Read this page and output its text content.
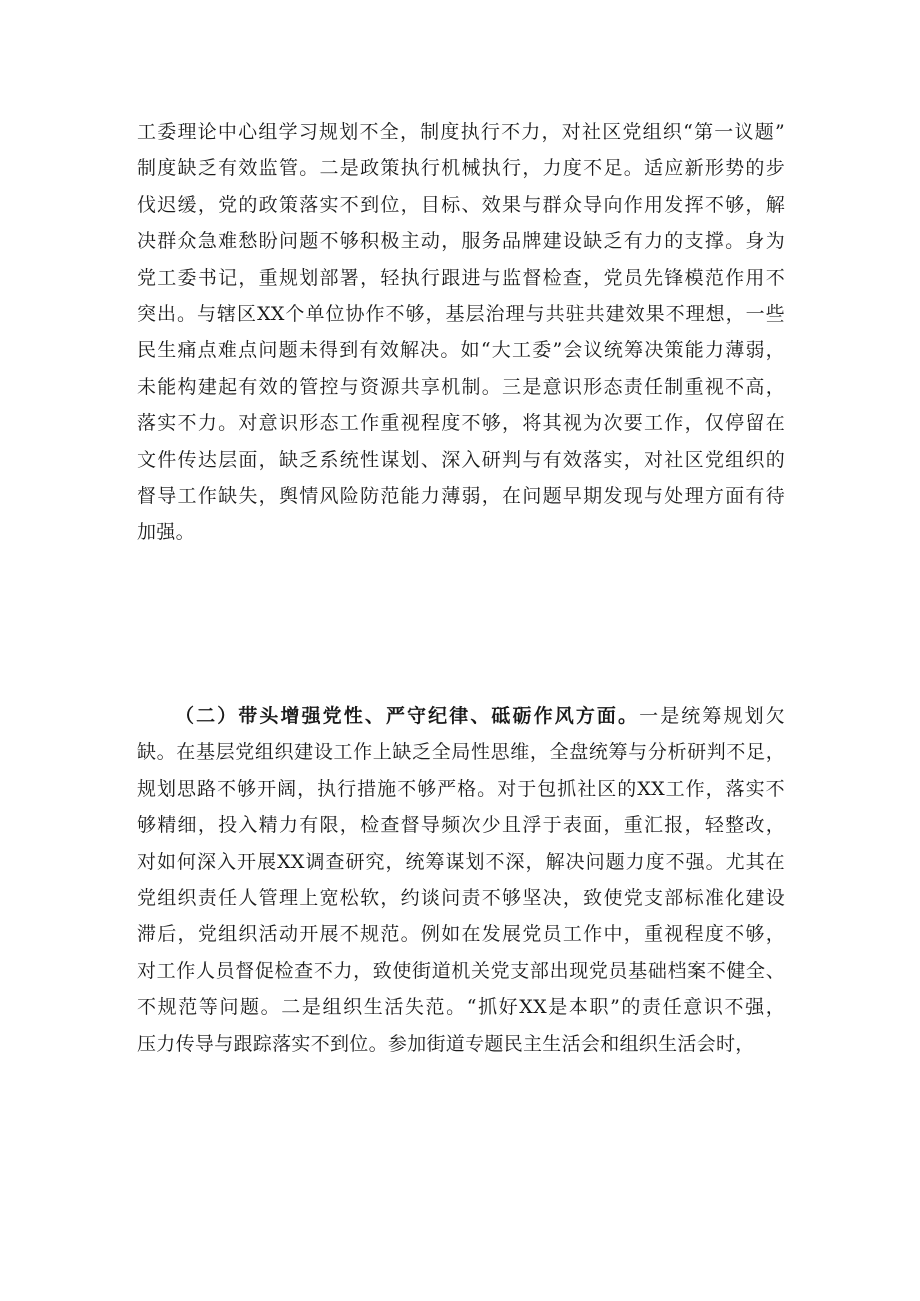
工委理论中心组学习规划不全，制度执行不力，对社区党组织“第一议题”
制度缺乏有效监管。二是政策执行机械执行，力度不足。适应新形势的步
伐迟缓，党的政策落实不到位，目标、效果与群众导向作用发挥不够，解
决群众急难愁盼问题不够积极主动，服务品牌建设缺乏有力的支撑。身为
党工委书记，重规划部署，轻执行跟进与监督检查，党员先锋模范作用不
突出。与辖区XX个单位协作不够，基层治理与共驻共建效果不理想，一些
民生痛点难点问题未得到有效解决。如“大工委”会议统筹决策能力薄弱，
未能构建起有效的管控与资源共享机制。三是意识形态责任制重视不高，
落实不力。对意识形态工作重视程度不够，将其视为次要工作，仅停留在
文件传达层面，缺乏系统性谋划、深入研判与有效落实，对社区党组织的
督导工作缺失，舆情风险防范能力薄弱，在问题早期发现与处理方面有待
加强。
（二）带头增强党性、严守纪律、砥砺作风方面。一是统筹规划欠
缺。在基层党组织建设工作上缺乏全局性思维，全盘统筹与分析研判不足，
规划思路不够开阔，执行措施不够严格。对于包抓社区的XX工作，落实不
够精细，投入精力有限，检查督导频次少且浮于表面，重汇报，轻整改，
对如何深入开展XX调查研究，统筹谋划不深，解决问题力度不强。尤其在
党组织责任人管理上宽松软，约谈问责不够坚决，致使党支部标准化建设
滞后，党组织活动开展不规范。例如在发展党员工作中，重视程度不够，
对工作人员督促检查不力，致使街道机关党支部出现党员基础档案不健全、
不规范等问题。二是组织生活失范。“抓好XX是本职”的责任意识不强，
压力传导与跟踪落实不到位。参加街道专题民主生活会和组织生活会时，
